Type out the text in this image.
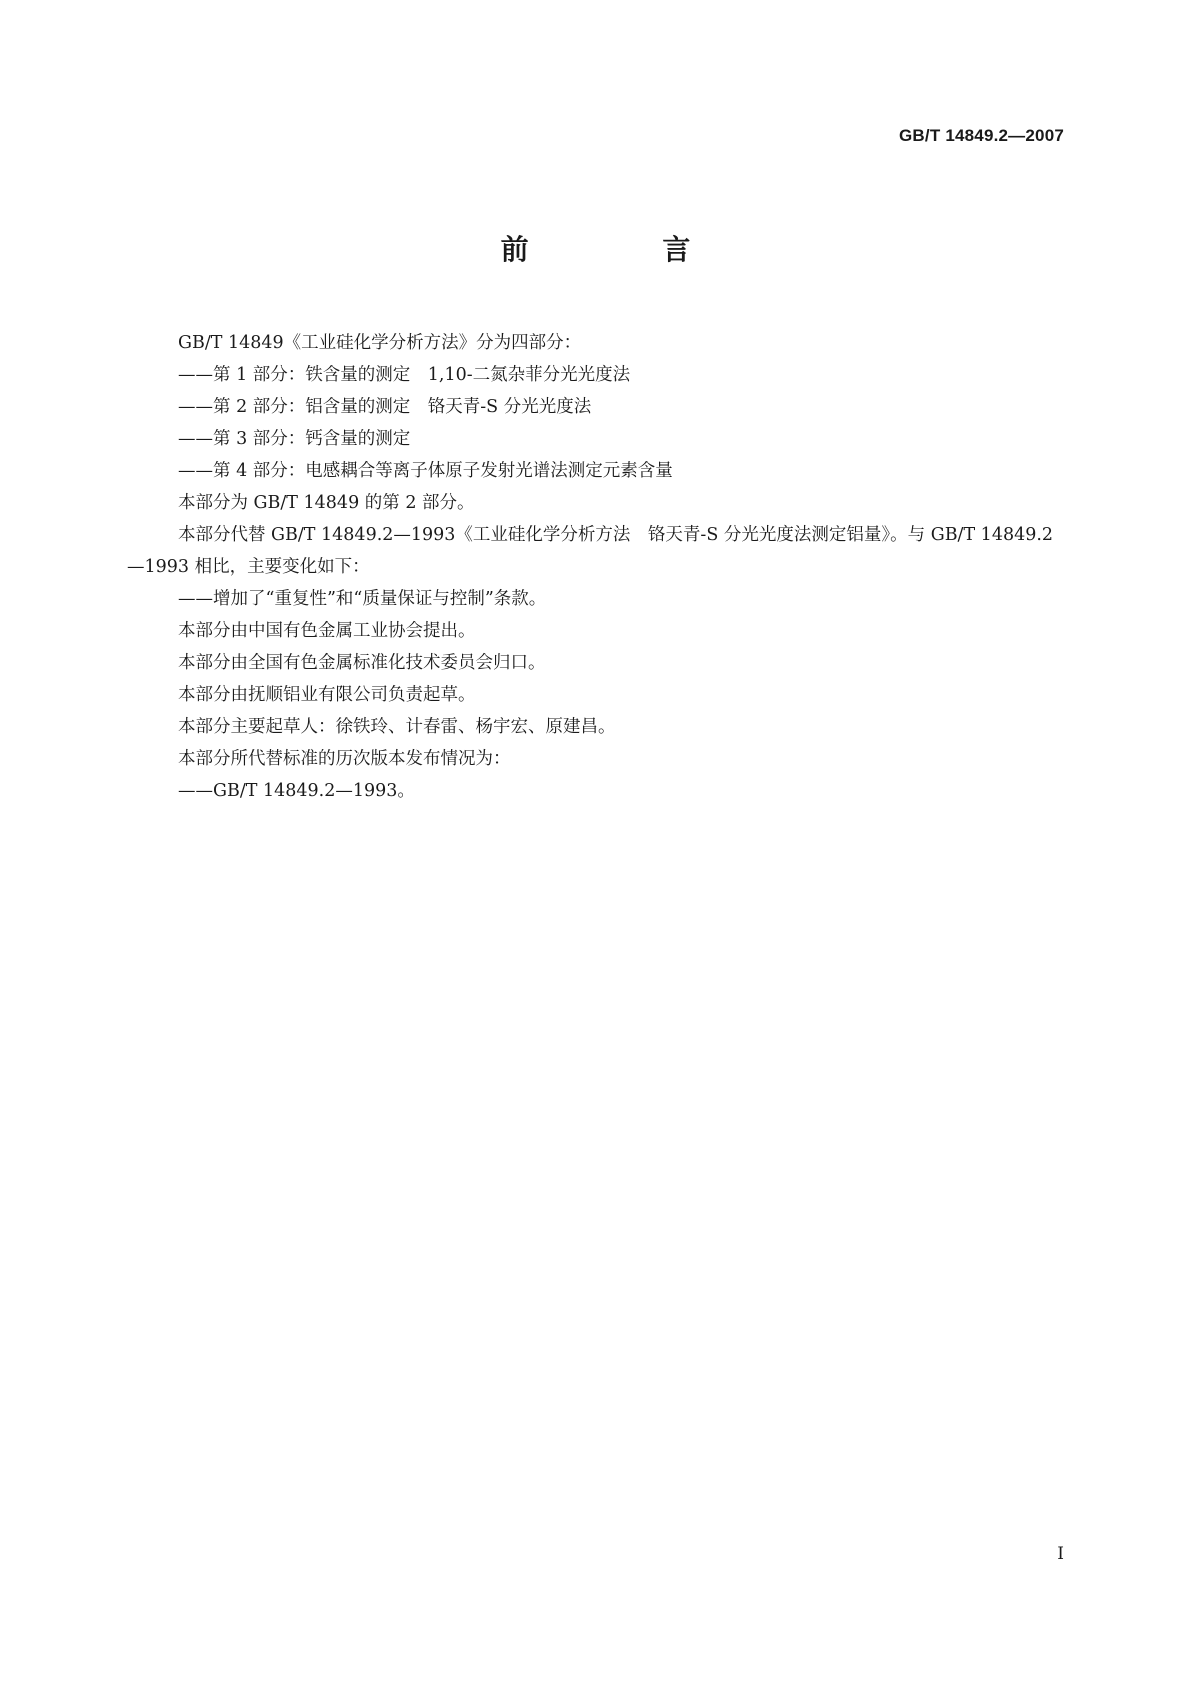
GB/T 14849.2—2007
前 言

GB/T 14849《工业硅化学分析方法》分为四部分：

——第 1 部分：铁含量的测定　1,10-二氮杂菲分光光度法

——第 2 部分：铝含量的测定　铬天青-S 分光光度法

——第 3 部分：钙含量的测定

——第 4 部分：电感耦合等离子体原子发射光谱法测定元素含量

本部分为 GB/T 14849 的第 2 部分。

本部分代替 GB/T 14849.2—1993《工业硅化学分析方法　铬天青-S 分光光度法测定铝量》。与 GB/T 14849.2—1993 相比，主要变化如下：

——增加了“重复性”和“质量保证与控制”条款。

本部分由中国有色金属工业协会提出。

本部分由全国有色金属标准化技术委员会归口。

本部分由抚顺铝业有限公司负责起草。

本部分主要起草人：徐铁玲、计春雷、杨宇宏、原建昌。

本部分所代替标准的历次版本发布情况为：

——GB/T 14849.2—1993。

I
